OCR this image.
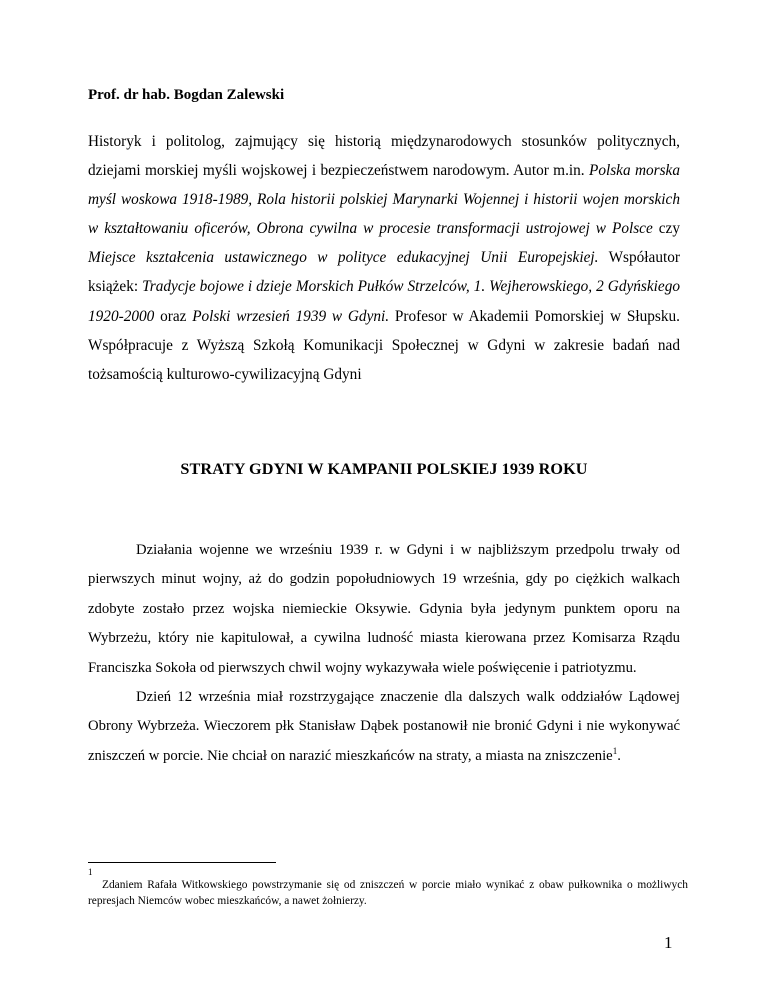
Prof. dr hab. Bogdan Zalewski
Historyk i politolog, zajmujący się historią międzynarodowych stosunków politycznych, dziejami morskiej myśli wojskowej i bezpieczeństwem narodowym. Autor m.in. Polska morska myśl woskowa 1918-1989, Rola historii polskiej Marynarki Wojennej i historii wojen morskich w kształtowaniu oficerów, Obrona cywilna w procesie transformacji ustrojowej w Polsce czy Miejsce kształcenia ustawicznego w polityce edukacyjnej Unii Europejskiej. Współautor książek: Tradycje bojowe i dzieje Morskich Pułków Strzelców, 1. Wejherowskiego, 2 Gdyńskiego 1920-2000 oraz Polski wrzesień 1939 w Gdyni. Profesor w Akademii Pomorskiej w Słupsku. Współpracuje z Wyższą Szkołą Komunikacji Społecznej w Gdyni w zakresie badań nad tożsamością kulturowo-cywilizacyjną Gdyni
STRATY GDYNI W KAMPANII POLSKIEJ 1939 ROKU

Działania wojenne we wrześniu 1939 r. w Gdyni i w najbliższym przedpolu trwały od pierwszych minut wojny, aż do godzin popołudniowych 19 września, gdy po ciężkich walkach zdobyte zostało przez wojska niemieckie Oksywie. Gdynia była jedynym punktem oporu na Wybrzeżu, który nie kapitulował, a cywilna ludność miasta kierowana przez Komisarza Rządu Franciszka Sokoła od pierwszych chwil wojny wykazywała wiele poświęcenie i patriotyzmu.

Dzień 12 września miał rozstrzygające znaczenie dla dalszych walk oddziałów Lądowej Obrony Wybrzeża. Wieczorem płk Stanisław Dąbek postanowił nie bronić Gdyni i nie wykonywać zniszczeń w porcie. Nie chciał on narazić mieszkańców na straty, a miasta na zniszczenie$^1$.

$^1$
Zdaniem Rafała Witkowskiego powstrzymanie się od zniszczeń w porcie miało wynikać z obaw pułkownika o możliwych represjach Niemców wobec mieszkańców, a nawet żołnierzy.
1
